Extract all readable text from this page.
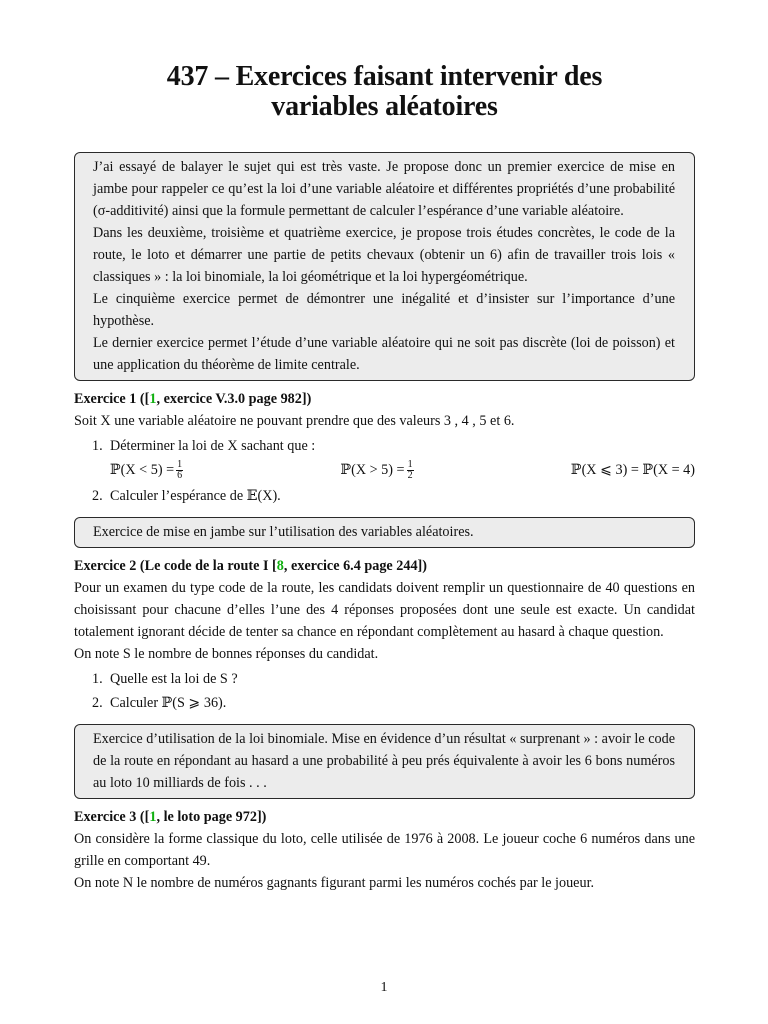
437 – Exercices faisant intervenir des
variables aléatoires

J’ai essayé de balayer le sujet qui est très vaste. Je propose donc un premier exercice de mise en jambe pour rappeler ce qu’est la loi d’une variable aléatoire et différentes propriétés d’une probabilité (σ-additivité) ainsi que la formule permettant de calculer l’espérance d’une variable aléatoire.

Dans les deuxième, troisième et quatrième exercice, je propose trois études concrètes, le code de la route, le loto et démarrer une partie de petits chevaux (obtenir un 6) afin de travailler trois lois « classiques » : la loi binomiale, la loi géométrique et la loi hypergéométrique.

Le cinquième exercice permet de démontrer une inégalité et d’insister sur l’importance d’une hypothèse.

Le dernier exercice permet l’étude d’une variable aléatoire qui ne soit pas discrète (loi de poisson) et une application du théorème de limite centrale.

Exercice 1 ([1, exercice V.3.0 page 982])

Soit X une variable aléatoire ne pouvant prendre que des valeurs 3 , 4 , 5 et 6.

1. Déterminer la loi de X sachant que :
ℙ(X < $5) = \frac{1}{6}$	ℙ(X > $5) = \frac{1}{2}$	ℙ(X ⩽ 3) = ℙ(X = 4)
2. Calculer l’espérance de 𝔼(X).

Exercice de mise en jambe sur l’utilisation des variables aléatoires.

Exercice 2 (Le code de la route I [8, exercice 6.4 page 244])

Pour un examen du type code de la route, les candidats doivent remplir un questionnaire de 40 questions en choisissant pour chacune d’elles l’une des 4 réponses proposées dont une seule est exacte. Un candidat totalement ignorant décide de tenter sa chance en répondant complètement au hasard à chaque question.

On note S le nombre de bonnes réponses du candidat.

1. Quelle est la loi de S ?
2. Calculer ℙ(S ⩾ 36).

Exercice d’utilisation de la loi binomiale. Mise en évidence d’un résultat « surprenant » : avoir le code de la route en répondant au hasard a une probabilité à peu prés équivalente à avoir les 6 bons numéros au loto 10 milliards de fois . . .

Exercice 3 ([1, le loto page 972])

On considère la forme classique du loto, celle utilisée de 1976 à 2008. Le joueur coche 6 numéros dans une grille en comportant 49.

On note N le nombre de numéros gagnants figurant parmi les numéros cochés par le joueur.

1
